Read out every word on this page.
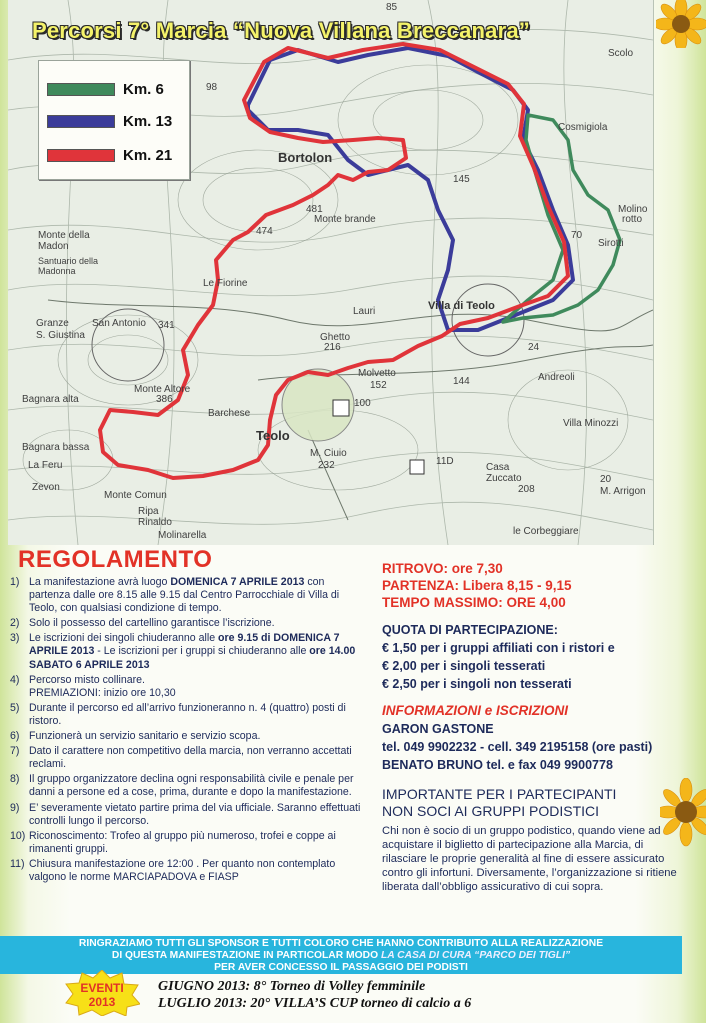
Percorsi 7° Marcia “Nuova Villana Breccanara”
Km. 6
Km. 13
Km. 21
85
Scolo
98
Bortolon
Cosmigiola
Molino
rotto
Sirotti
145
70
481
Monte brande
474
Monte della Madon
Santuario della Madonna
Le Fiorine
Villa di Teolo
Lauri
Ghetto
216
Granze
S. Giustina
San Antonio 341
24
Andreoli
Monte Altore
386
Bagnara alta
Barchese
Molvetto
152	144
Villa Minozzi
Teolo
Bagnara bassa
La Feru
M. Ciuio
232	11D
Zevon
Casa Zuccato
208
Monte Comun
20
M. Arrigon
Ripa Rinaldo
Molinarella	le Corbeggiare
100
REGOLAMENTO
1) La manifestazione avrà luogo DOMENICA 7 APRILE 2013 con partenza dalle ore 8.15 alle 9.15 dal Centro Parrocchiale di Villa di Teolo, con qualsiasi condizione di tempo.
2) Solo il possesso del cartellino garantisce l’iscrizione.
3) Le iscrizioni dei singoli chiuderanno alle ore 9.15 di DOMENICA 7 APRILE 2013 - Le iscrizioni per i gruppi si chiuderanno alle ore 14.00 SABATO 6 APRILE 2013
4) Percorso misto collinare.
PREMIAZIONI: inizio ore 10,30
5) Durante il percorso ed all’arrivo funzioneranno n. 4 (quattro) posti di ristoro.
6) Funzionerà un servizio sanitario e servizio scopa.
7) Dato il carattere non competitivo della marcia, non verranno accettati reclami.
8) Il gruppo organizzatore declina ogni responsabilità civile e penale per danni a persone ed a cose, prima, durante e dopo la manifestazione.
9) E’ severamente vietato partire prima del via ufficiale. Saranno effettuati controlli lungo il percorso.
10) Riconoscimento: Trofeo al gruppo più numeroso, trofei e coppe ai rimanenti gruppi.
11) Chiusura manifestazione ore 12:00 . Per quanto non contemplato valgono le norme MARCIAPADOVA e FIASP
RITROVO: ore 7,30
PARTENZA: Libera 8,15 - 9,15
TEMPO MASSIMO: ORE 4,00
QUOTA DI PARTECIPAZIONE:
€ 1,50 per i gruppi affiliati con i ristori e
€ 2,00 per i singoli tesserati
€ 2,50 per i singoli non tesserati
INFORMAZIONI e ISCRIZIONI
GARON GASTONE
tel. 049 9902232 - cell. 349 2195158 (ore pasti)
BENATO BRUNO tel. e fax 049 9900778
IMPORTANTE PER I PARTECIPANTI
NON SOCI AI GRUPPI PODISTICI
Chi non è socio di un gruppo podistico, quando viene ad acquistare il biglietto di partecipazione alla Marcia, di rilasciare le proprie generalità al fine di essere assicurato contro gli infortuni. Diversamente, l’organizzazione si ritiene liberata dall’obbligo assicurativo di cui sopra.
RINGRAZIAMO TUTTI GLI SPONSOR E TUTTI COLORO CHE HANNO CONTRIBUITO ALLA REALIZZAZIONE
DI QUESTA MANIFESTAZIONE IN PARTICOLAR MODO LA CASA DI CURA “PARCO DEI TIGLI”
PER AVER CONCESSO IL PASSAGGIO DEI PODISTI
EVENTI
2013
GIUGNO 2013: 8° Torneo di Volley femminile
LUGLIO 2013: 20° VILLA’S CUP torneo di calcio a 6
